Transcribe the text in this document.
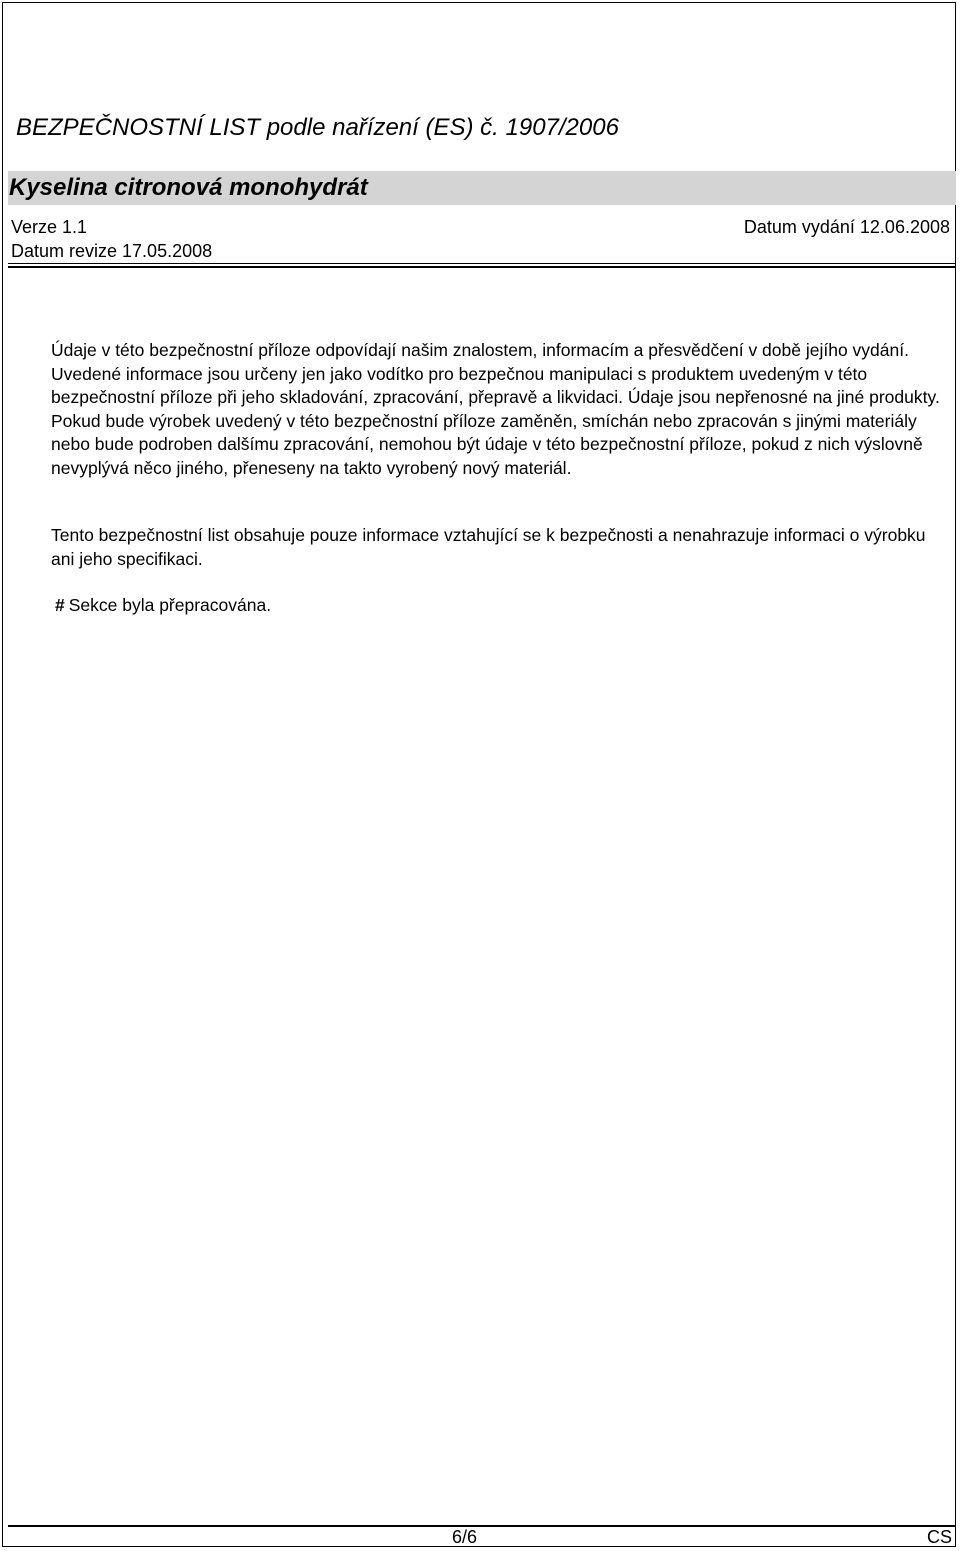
BEZPEČNOSTNÍ LIST podle nařízení (ES) č. 1907/2006
Kyselina citronová monohydrát
Verze 1.1	Datum vydání 12.06.2008
Datum revize 17.05.2008
Údaje v této bezpečnostní příloze odpovídají našim znalostem, informacím a přesvědčení v době jejího vydání. Uvedené informace jsou určeny jen jako vodítko pro bezpečnou manipulaci s produktem uvedeným v této bezpečnostní příloze při jeho skladování, zpracování, přepravě a likvidaci. Údaje jsou nepřenosné na jiné produkty. Pokud bude výrobek uvedený v této bezpečnostní příloze zaměněn, smíchán nebo zpracován s jinými materiály nebo bude podroben dalšímu zpracování, nemohou být údaje v této bezpečnostní příloze, pokud z nich výslovně nevyplývá něco jiného, přeneseny na takto vyrobený nový materiál.
Tento bezpečnostní list obsahuje pouze informace vztahující se k bezpečnosti a nenahrazuje informaci o výrobku ani jeho specifikaci.
# Sekce byla přepracována.
6/6	CS
